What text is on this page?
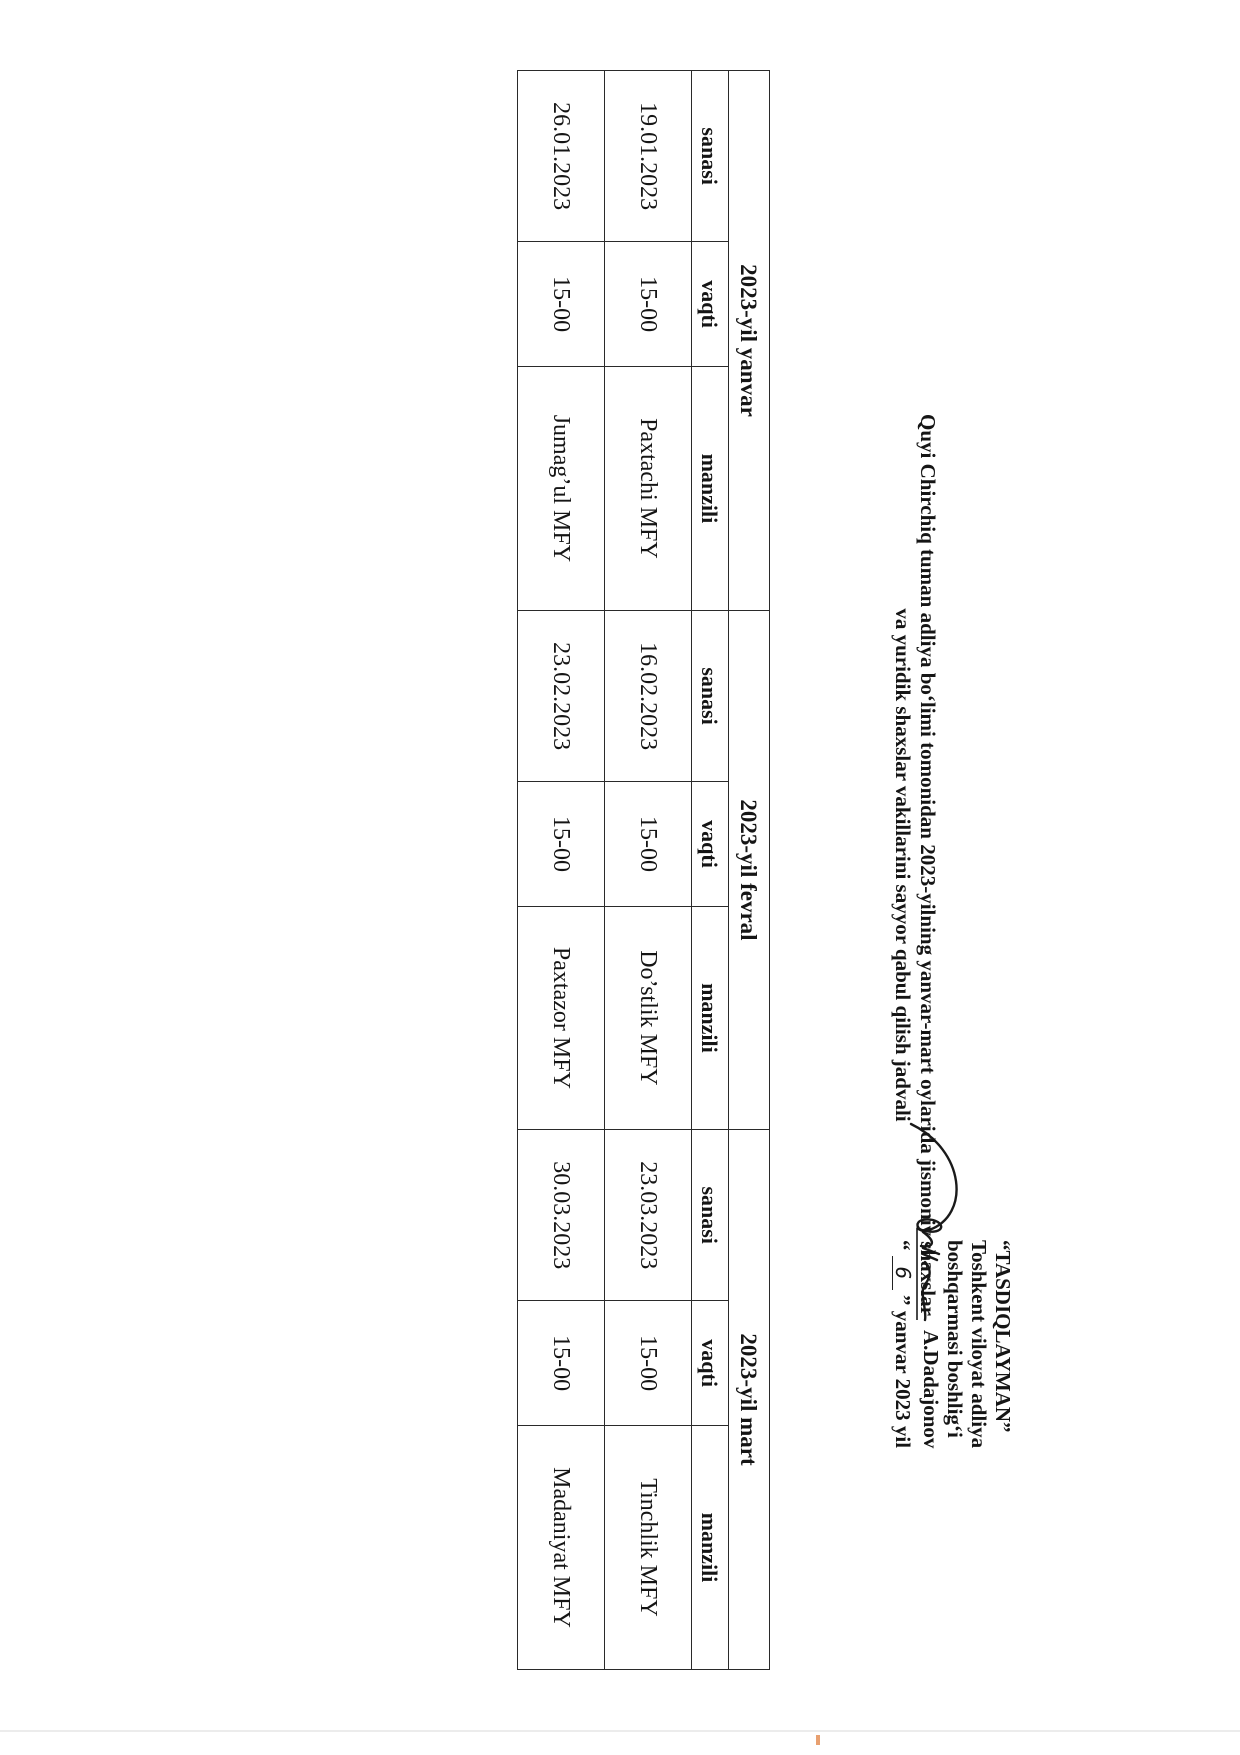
“TASDIQLAYMAN”
Toshkent viloyat adliya
boshqarmasi boshlig‘i
A.Dadajonov
“ 6 ” yanvar 2023 yil
Quyi Chirchiq tuman adliya bo‘limi tomonidan 2023-yilning yanvar-mart oylarida jismoniy shaxslar
va yuridik shaxslar vakillarini sayyor qabul qilish jadvali
2023-yil yanvar			2023-yil fevral			2023-yil mart		
sanasi	vaqti	manzili	sanasi	vaqti	manzili	sanasi	vaqti	manzili
19.01.2023	15-00	Paxtachi MFY	16.02.2023	15-00	Do’stlik MFY	23.03.2023	15-00	Tinchlik MFY
26.01.2023	15-00	Jumag’ul MFY	23.02.2023	15-00	Paxtazor MFY	30.03.2023	15-00	Madaniyat MFY
